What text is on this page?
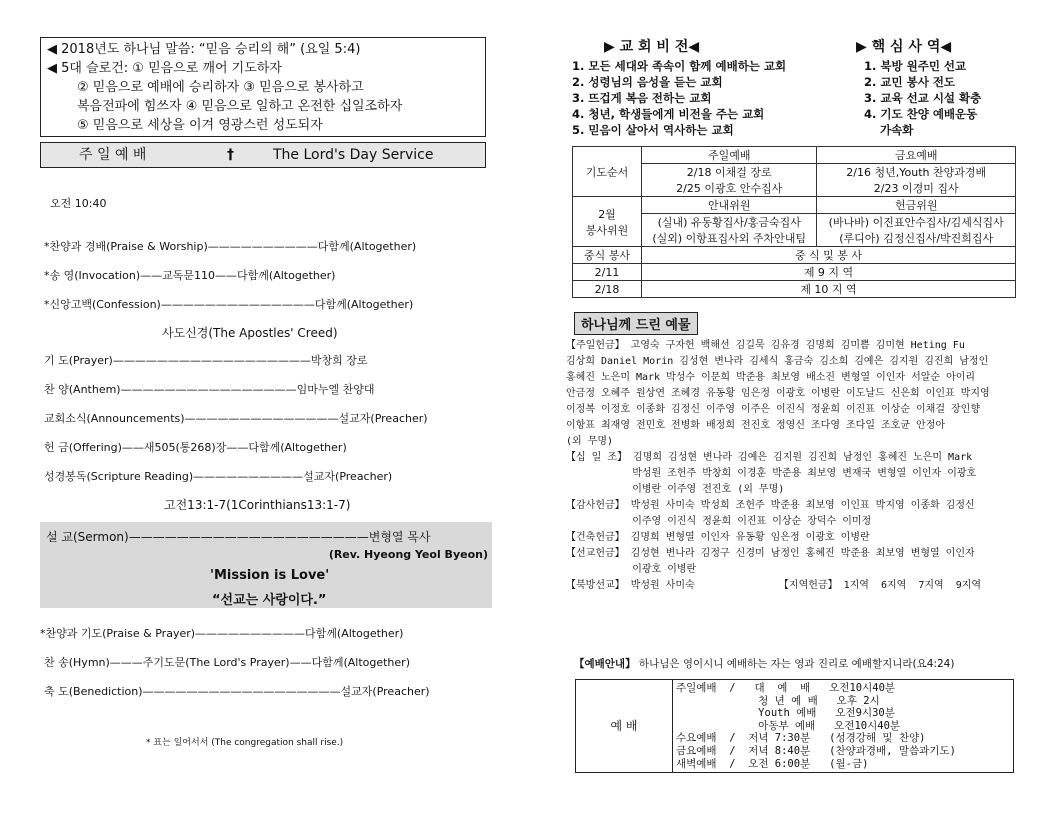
◀ 2018년도 하나님 말씀: “믿음 승리의 해” (요일 5:4)
◀ 5대 슬로건: ① 믿음으로 깨어 기도하자
② 믿음으로 예배에 승리하자 ③ 믿음으로 봉사하고
복음전파에 힘쓰자 ④ 믿음으로 일하고 온전한 십일조하자
⑤ 믿음으로 세상을 이겨 영광스런 성도되자
주 일 예 배	†	The Lord's Day Service
오전 10:40
*찬양과 경배(Praise & Worship)——————————다함께(Altogether)
*송 영(Invocation)——교독문110——다함께(Altogether)
*신앙고백(Confession)——————————————다함께(Altogether)
사도신경(The Apostles' Creed)
기 도(Prayer)——————————————————박창희 장로
찬 양(Anthem)————————————————임마누엘 찬양대
교회소식(Announcements)——————————————설교자(Preacher)
헌 금(Offering)——새505(통268)장——다함께(Altogether)
성경봉독(Scripture Reading)——————————설교자(Preacher)
고전13:1-7(1Corinthians13:1-7)
설 교(Sermon)————————————————————변형열 목사
(Rev. Hyeong Yeol Byeon)
'Mission is Love'
“선교는 사랑이다.”
*찬양과 기도(Praise & Prayer)——————————다함께(Altogether)
찬 송(Hymn)———주기도문(The Lord's Prayer)——다함께(Altogether)
축 도(Benediction)——————————————————설교자(Preacher)
* 표는 일어서서 (The congregation shall rise.)
▶ 교 회 비 전◀
1. 모든 세대와 족속이 함께 예배하는 교회
2. 성령님의 음성을 듣는 교회
3. 뜨겁게 복음 전하는 교회
4. 청년, 학생들에게 비전을 주는 교회
5. 믿음이 살아서 역사하는 교회
▶ 핵 심 사 역◀
1. 북방 원주민 선교
2. 교민 봉사 전도
3. 교육 선교 시설 확충
4. 기도 찬양 예배운동
가속화
기도순서	주일예배	금요예배
	2/18 이채걸 장로	2/16 청년,Youth 찬양과경배
	2/25 이광호 안수집사	2/23 이경미 집사

2월
봉사위원	안내위원	헌금위원
	(실내) 유동황집사/홍금숙집사	(바나바) 이진표안수집사/김세식집사
	(실외) 이항표집사외 주차안내팀	(루디아) 김정신집사/박진희집사
중식 봉사	중 식 및 봉 사	
2/11	제 9 지 역	
2/18	제 10 지 역	
하나님께 드린 예물
【주일헌금】 고영숙 구자헌 백해선 김길묵 김유경 김명희 김미쁨 김미현 Heting Fu
김상희 Daniel Morin 김성현 변나라 김세식 홍금숙 김소희 김예은 김지원 김진희 남정인
홍혜진 노은미 Mark 박성수 이문희 박준용 최보영 배소진 변형열 이인자 서알순 아이리
안금정 오혜주 원상연 조혜경 유동황 임은정 이광호 이병란 이도날드 신은희 이인표 박지영
이정복 이정호 이종화 김정신 이주영 이주은 이진식 정윤희 이진표 이상순 이채걸 장인향
이항표 최재영 전민호 전병화 배정희 전진호 정영신 조다영 조다일 조호균 안정아
(외 무명)
【십 일 조】 김명희 김성현 변나라 김예은 김지원 김진희 남정인 홍혜진 노은미 Mark
박성원 조헌주 박창희 이경훈 박준용 최보영 변재국 변형열 이인자 이광호
이병란 이주영 전진호 (외 무명)
【감사헌금】 박성원 사미숙 박성희 조헌주 박준용 최보영 이인표 박지영 이종화 김정신
이주영 이진식 정윤희 이진표 이상순 장덕수 이미정
【건축헌금】 김명희 변형열 이인자 유동황 임은정 이광호 이병란
【선교헌금】 김성현 변나라 김정구 신경미 남정인 홍혜진 박준용 최보영 변형열 이인자
이광호 이병란
【북방선교】 박성원 사미숙              【지역헌금】 1지역  6지역  7지역  9지역
【예배안내】 하나님은 영이시니 예배하는 자는 영과 진리로 예배할지니라(요4:24)
예 배
주일예배  /   대  예  배   오전10시40분
청 년 예 배   오후 2시
Youth 예배   오전9시30분
아동부 예배   오전10시40분
수요예배  /  저녁 7:30분   (성경강해 및 찬양)
금요예배  /  저녁 8:40분   (찬양과경배, 말씀과기도)
새벽예배  /  오전 6:00분   (월-금)
